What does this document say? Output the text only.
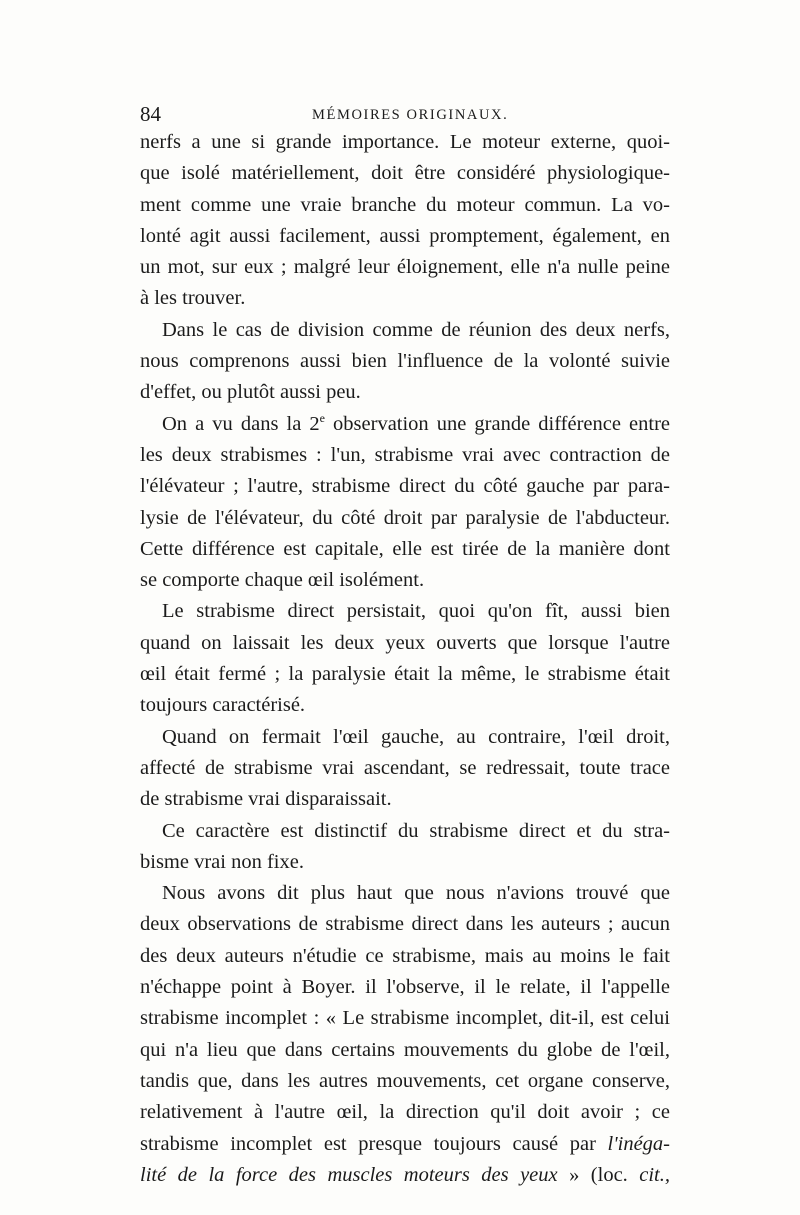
84	MÉMOIRES ORIGINAUX.
nerfs a une si grande importance. Le moteur externe, quoi-
que isolé matériellement, doit être considéré physiologique-
ment comme une vraie branche du moteur commun. La vo-
lonté agit aussi facilement, aussi promptement, également, en
un mot, sur eux ; malgré leur éloignement, elle n'a nulle peine
à les trouver.
Dans le cas de division comme de réunion des deux nerfs,
nous comprenons aussi bien l'influence de la volonté suivie
d'effet, ou plutôt aussi peu.
On a vu dans la 2e observation une grande différence entre
les deux strabismes : l'un, strabisme vrai avec contraction de
l'élévateur ; l'autre, strabisme direct du côté gauche par para-
lysie de l'élévateur, du côté droit par paralysie de l'abducteur.
Cette différence est capitale, elle est tirée de la manière dont
se comporte chaque œil isolément.
Le strabisme direct persistait, quoi qu'on fît, aussi bien
quand on laissait les deux yeux ouverts que lorsque l'autre
œil était fermé ; la paralysie était la même, le strabisme était
toujours caractérisé.
Quand on fermait l'œil gauche, au contraire, l'œil droit,
affecté de strabisme vrai ascendant, se redressait, toute trace
de strabisme vrai disparaissait.
Ce caractère est distinctif du strabisme direct et du stra-
bisme vrai non fixe.
Nous avons dit plus haut que nous n'avions trouvé que
deux observations de strabisme direct dans les auteurs ; aucun
des deux auteurs n'étudie ce strabisme, mais au moins le fait
n'échappe point à Boyer. il l'observe, il le relate, il l'appelle
strabisme incomplet : « Le strabisme incomplet, dit-il, est celui
qui n'a lieu que dans certains mouvements du globe de l'œil,
tandis que, dans les autres mouvements, cet organe conserve,
relativement à l'autre œil, la direction qu'il doit avoir ; ce
strabisme incomplet est presque toujours causé par l'inéga-
lité de la force des muscles moteurs des yeux » (loc. cit.,
